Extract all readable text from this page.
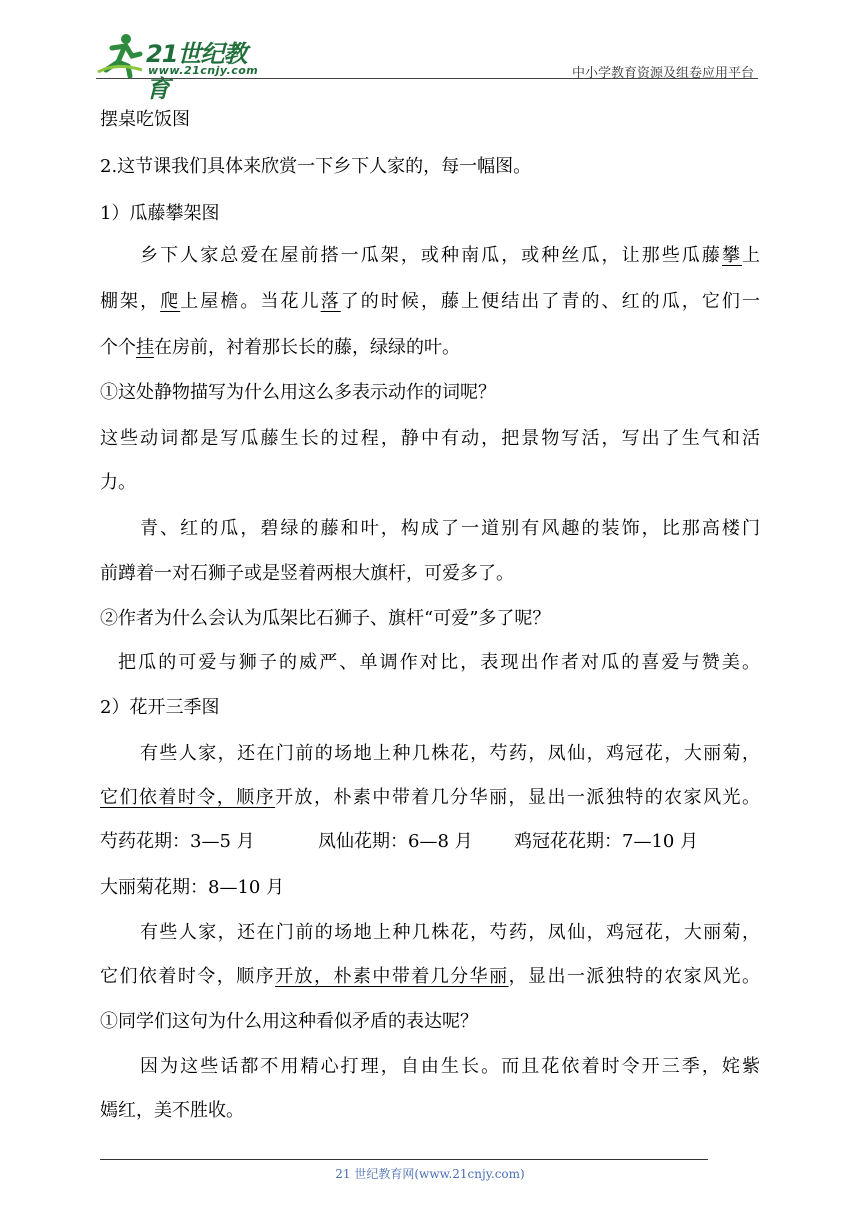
21世纪教育
www.21cnjy.com	中小学教育资源及组卷应用平台
摆桌吃饭图
2.这节课我们具体来欣赏一下乡下人家的，每一幅图。
1）瓜藤攀架图
乡下人家总爱在屋前搭一瓜架，或种南瓜，或种丝瓜，让那些瓜藤攀上
棚架，爬上屋檐。当花儿落了的时候，藤上便结出了青的、红的瓜，它们一
个个挂在房前，衬着那长长的藤，绿绿的叶。
①这处静物描写为什么用这么多表示动作的词呢？
这些动词都是写瓜藤生长的过程，静中有动，把景物写活，写出了生气和活
力。
青、红的瓜，碧绿的藤和叶，构成了一道别有风趣的装饰，比那高楼门
前蹲着一对石狮子或是竖着两根大旗杆，可爱多了。
②作者为什么会认为瓜架比石狮子、旗杆“可爱”多了呢？
把瓜的可爱与狮子的威严、单调作对比，表现出作者对瓜的喜爱与赞美。
2）花开三季图
有些人家，还在门前的场地上种几株花，芍药，凤仙，鸡冠花，大丽菊，
它们依着时令，顺序开放，朴素中带着几分华丽，显出一派独特的农家风光。
芍药花期：3—5 月	凤仙花期：6—8 月 鸡冠花花期：7—10 月
大丽菊花期：8—10 月
有些人家，还在门前的场地上种几株花，芍药，凤仙，鸡冠花，大丽菊，
它们依着时令，顺序开放，朴素中带着几分华丽，显出一派独特的农家风光。
①同学们这句为什么用这种看似矛盾的表达呢？
因为这些话都不用精心打理，自由生长。而且花依着时令开三季，姹紫
嫣红，美不胜收。
21 世纪教育网(www.21cnjy.com)
